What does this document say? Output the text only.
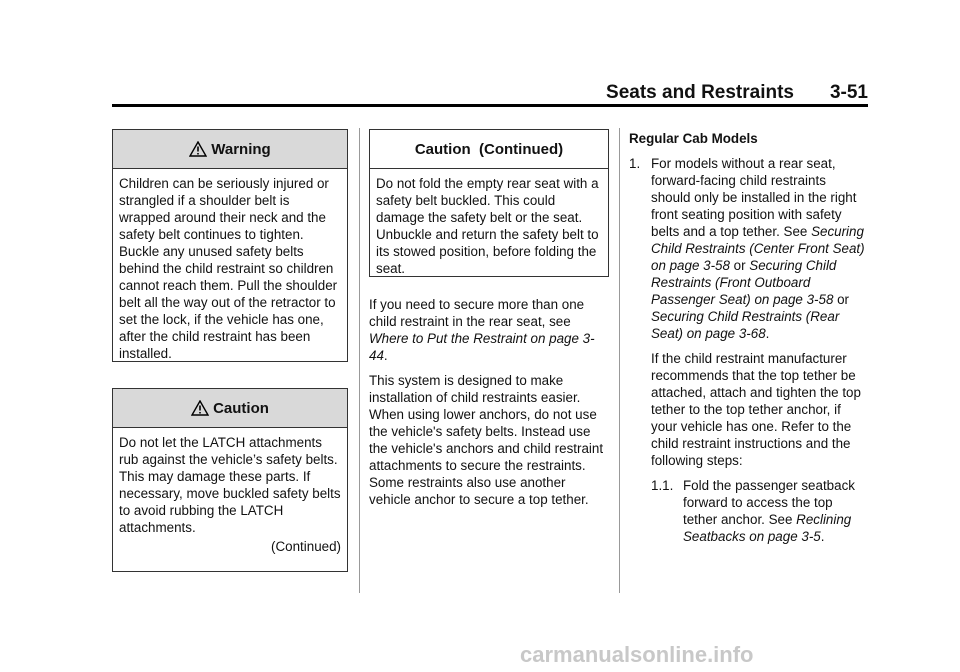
Seats and Restraints 3-51
Warning
Children can be seriously injured or strangled if a shoulder belt is wrapped around their neck and the safety belt continues to tighten. Buckle any unused safety belts behind the child restraint so children cannot reach them. Pull the shoulder belt all the way out of the retractor to set the lock, if the vehicle has one, after the child restraint has been installed.
Caution
Do not let the LATCH attachments rub against the vehicle’s safety belts. This may damage these parts. If necessary, move buckled safety belts to avoid rubbing the LATCH attachments.
(Continued)
Caution  (Continued)
Do not fold the empty rear seat with a safety belt buckled. This could damage the safety belt or the seat. Unbuckle and return the safety belt to its stowed position, before folding the seat.

If you need to secure more than one child restraint in the rear seat, see Where to Put the Restraint on page 3-44.

This system is designed to make installation of child restraints easier. When using lower anchors, do not use the vehicle's safety belts. Instead use the vehicle's anchors and child restraint attachments to secure the restraints. Some restraints also use another vehicle anchor to secure a top tether.

Regular Cab Models
1. For models without a rear seat, forward-facing child restraints should only be installed in the right front seating position with safety belts and a top tether. See Securing Child Restraints (Center Front Seat) on page 3-58 or Securing Child Restraints (Front Outboard Passenger Seat) on page 3-58 or Securing Child Restraints (Rear Seat) on page 3-68.

If the child restraint manufacturer recommends that the top tether be attached, attach and tighten the top tether to the top tether anchor, if your vehicle has one. Refer to the child restraint instructions and the following steps:

1.1. Fold the passenger seatback forward to access the top tether anchor. See Reclining Seatbacks on page 3-5.
carmanualsonline.info
